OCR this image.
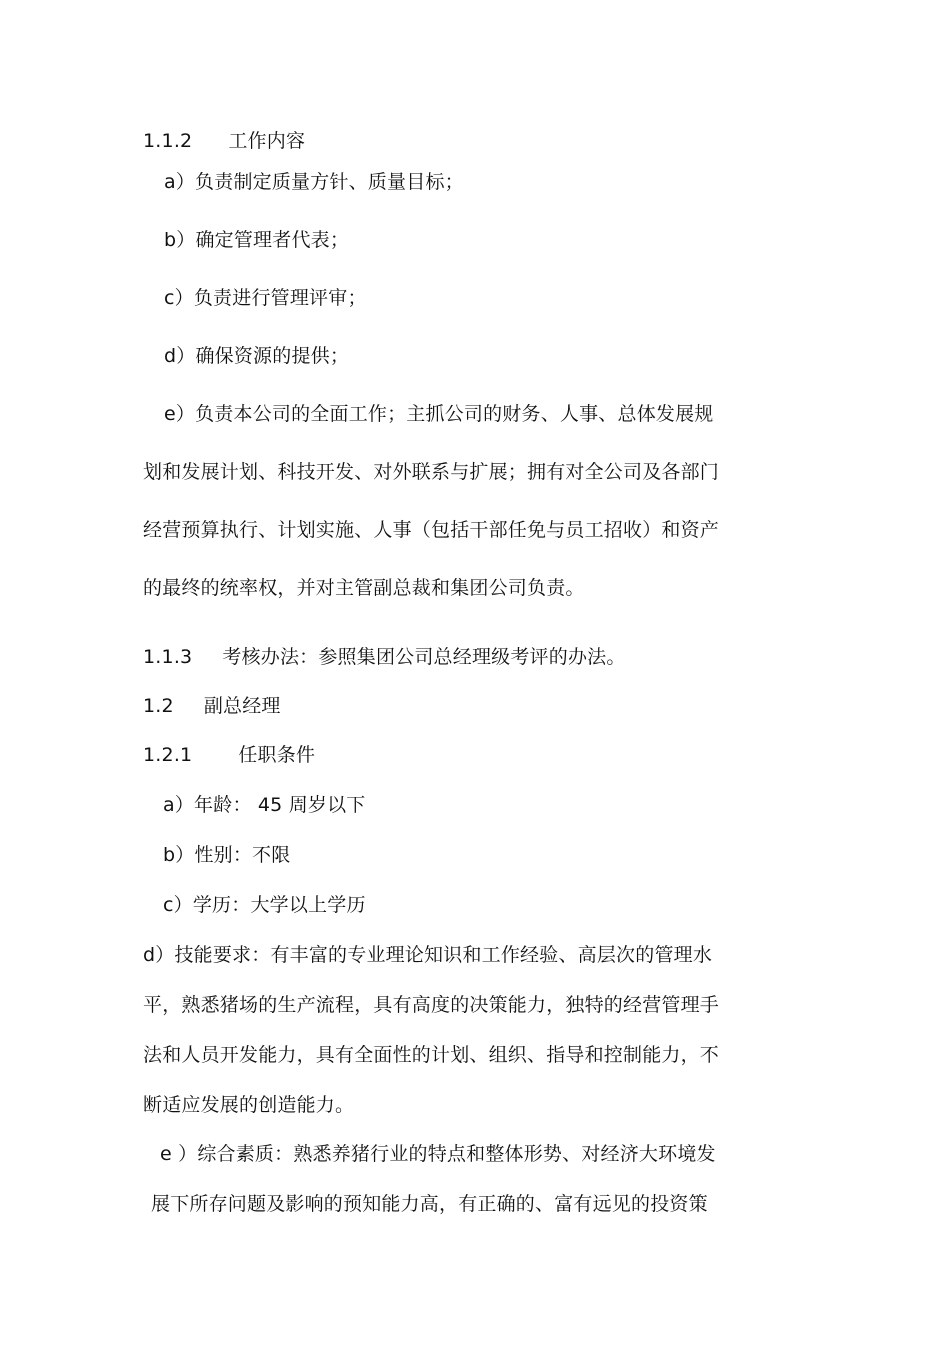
1.1.2 工作内容
a）负责制定质量方针、质量目标；
b）确定管理者代表；
c）负责进行管理评审；
d）确保资源的提供；
e）负责本公司的全面工作；主抓公司的财务、人事、总体发展规
划和发展计划、科技开发、对外联系与扩展；拥有对全公司及各部门
经营预算执行、计划实施、人事（包括干部任免与员工招收）和资产
的最终的统率权，并对主管副总裁和集团公司负责。
1.1.3 考核办法：参照集团公司总经理级考评的办法。
1.2 副总经理
1.2.1 任职条件
a）年龄： 45 周岁以下
b）性别：不限
c）学历：大学以上学历
d）技能要求：有丰富的专业理论知识和工作经验、高层次的管理水
平，熟悉猪场的生产流程，具有高度的决策能力，独特的经营管理手
法和人员开发能力，具有全面性的计划、组织、指导和控制能力，不
断适应发展的创造能力。
e ）综合素质：熟悉养猪行业的特点和整体形势、对经济大环境发
展下所存问题及影响的预知能力高，有正确的、富有远见的投资策
